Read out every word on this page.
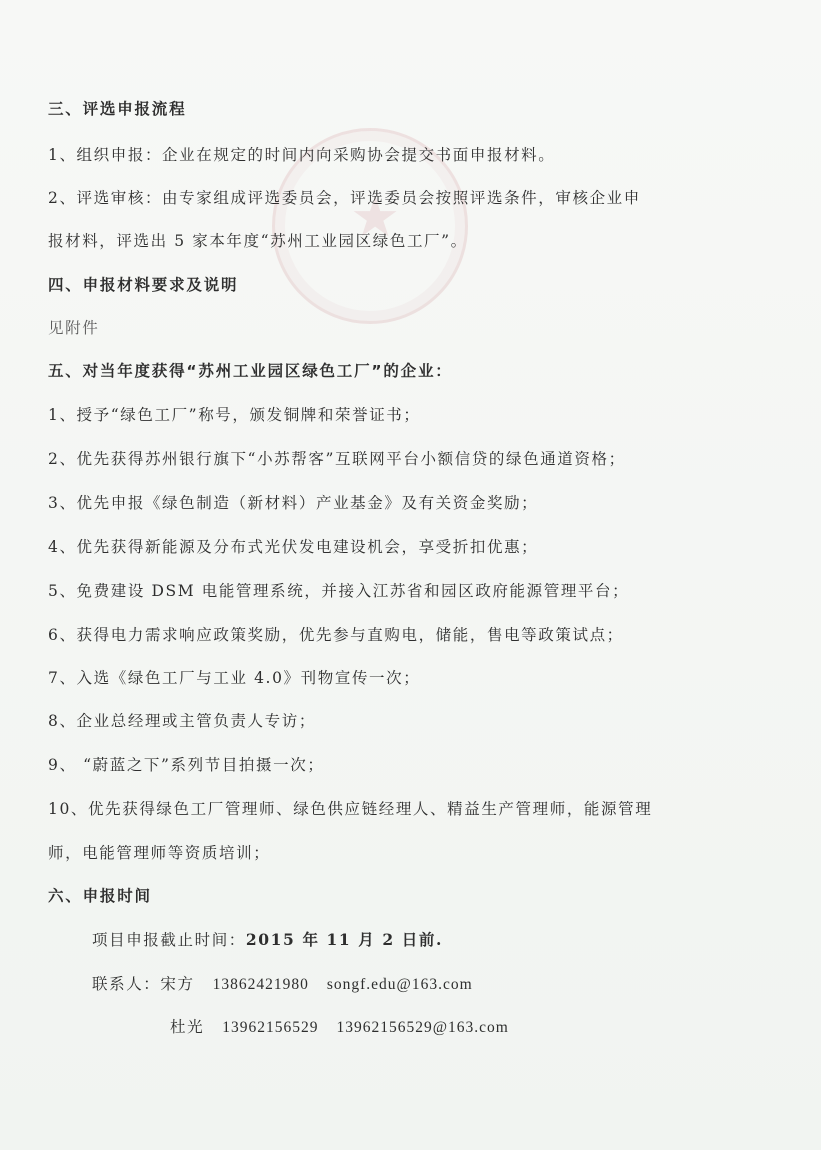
★
三、评选申报流程
1、组织申报：企业在规定的时间内向采购协会提交书面申报材料。
2、评选审核：由专家组成评选委员会，评选委员会按照评选条件，审核企业申
报材料，评选出 5 家本年度“苏州工业园区绿色工厂”。
四、申报材料要求及说明
见附件
五、对当年度获得“苏州工业园区绿色工厂”的企业：
1、授予“绿色工厂”称号，颁发铜牌和荣誉证书；
2、优先获得苏州银行旗下“小苏帮客”互联网平台小额信贷的绿色通道资格；
3、优先申报《绿色制造（新材料）产业基金》及有关资金奖励；
4、优先获得新能源及分布式光伏发电建设机会，享受折扣优惠；
5、免费建设 DSM 电能管理系统，并接入江苏省和园区政府能源管理平台；
6、获得电力需求响应政策奖励，优先参与直购电，储能，售电等政策试点；
7、入选《绿色工厂与工业 4.0》刊物宣传一次；
8、企业总经理或主管负责人专访；
9、 “蔚蓝之下”系列节目拍摄一次；
10、优先获得绿色工厂管理师、绿色供应链经理人、精益生产管理师，能源管理
师，电能管理师等资质培训；
六、申报时间
项目申报截止时间：2015 年 11 月 2 日前.
联系人：宋方 13862421980 songf.edu@163.com
杜光 13962156529 13962156529@163.com
